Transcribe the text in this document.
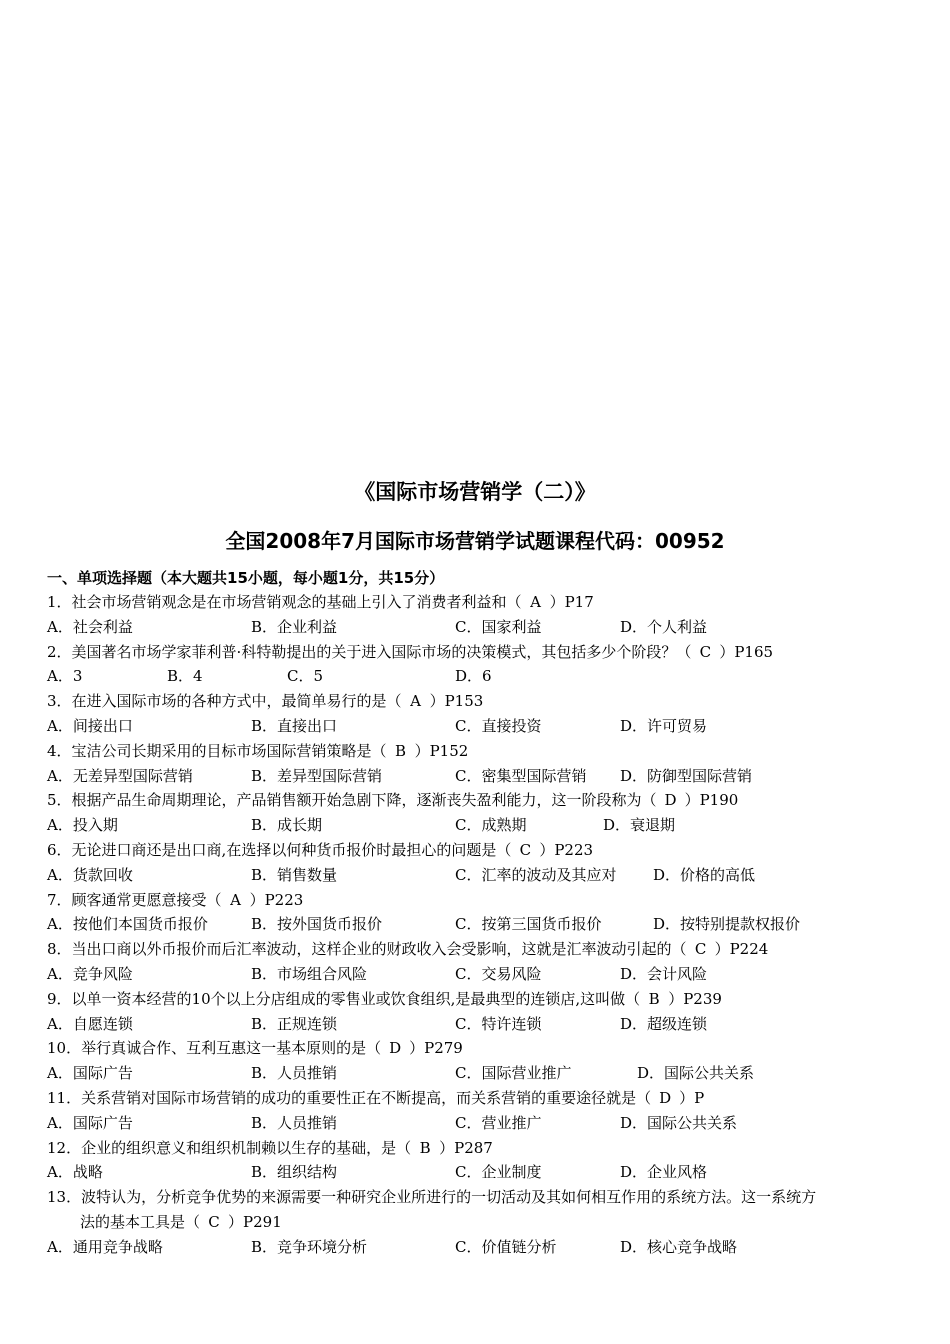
《国际市场营销学（二）》
全国2008年7月国际市场营销学试题课程代码：00952
一、单项选择题（本大题共15小题，每小题1分，共15分）
1．社会市场营销观念是在市场营销观念的基础上引入了消费者利益和（ A ）P17
A．社会利益	B．企业利益	C．国家利益	D．个人利益
2．美国著名市场学家菲利普·科特勒提出的关于进入国际市场的决策模式，其包括多少个阶段？（ C ）P165
A．3	B．4	C．5	D．6
3．在进入国际市场的各种方式中，最简单易行的是（ A ）P153
A．间接出口	B．直接出口	C．直接投资	D．许可贸易
4．宝洁公司长期采用的目标市场国际营销策略是（ B ）P152
A．无差异型国际营销	B．差异型国际营销	C．密集型国际营销 D．防御型国际营销
5．根据产品生命周期理论，产品销售额开始急剧下降，逐渐丧失盈利能力，这一阶段称为（ D ）P190
A．投入期	B．成长期	C．成熟期	D．衰退期
6．无论进口商还是出口商,在选择以何种货币报价时最担心的问题是（ C ）P223
A．货款回收	B．销售数量	C．汇率的波动及其应对 D．价格的高低
7．顾客通常更愿意接受（ A ）P223
A．按他们本国货币报价	B．按外国货币报价	C．按第三国货币报价	D．按特别提款权报价
8．当出口商以外币报价而后汇率波动，这样企业的财政收入会受影响，这就是汇率波动引起的（ C ）P224
A．竞争风险	B．市场组合风险	C．交易风险	D．会计风险
9．以单一资本经营的10个以上分店组成的零售业或饮食组织,是最典型的连锁店,这叫做（ B ）P239
A．自愿连锁	B．正规连锁	C．特许连锁	D．超级连锁
10．举行真诚合作、互利互惠这一基本原则的是（ D ）P279
A．国际广告	B．人员推销	C．国际营业推广	D．国际公共关系
11．关系营销对国际市场营销的成功的重要性正在不断提高，而关系营销的重要途径就是（ D ）P
A．国际广告	B．人员推销	C．营业推广	D．国际公共关系
12．企业的组织意义和组织机制赖以生存的基础，是（ B ）P287
A．战略	B．组织结构	C．企业制度	D．企业风格
13．波特认为，分析竞争优势的来源需要一种研究企业所进行的一切活动及其如何相互作用的系统方法。这一系统方
法的基本工具是（ C ）P291
A．通用竞争战略	B．竞争环境分析	C．价值链分析	D．核心竞争战略
